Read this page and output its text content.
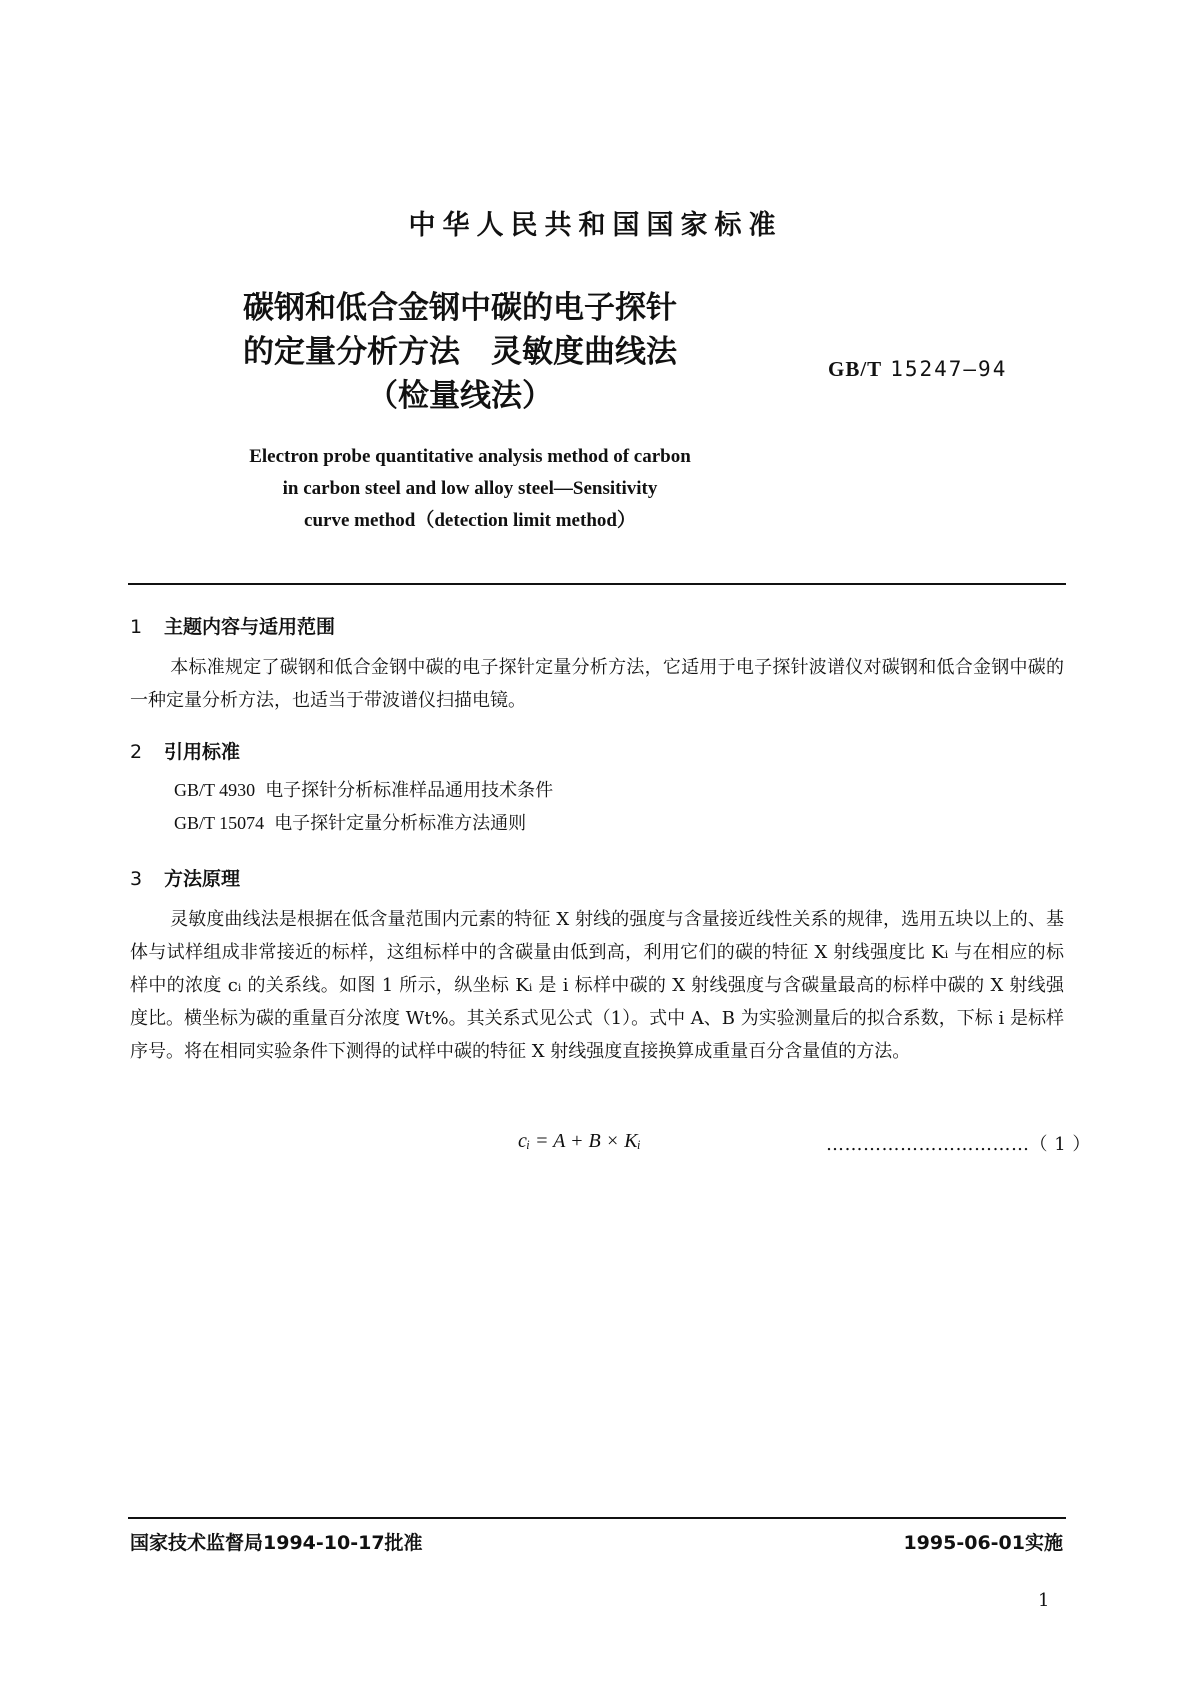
中华人民共和国国家标准
碳钢和低合金钢中碳的电子探针
的定量分析方法　灵敏度曲线法
（检量线法）
GB/T 15247—94
Electron probe quantitative analysis method of carbon
in carbon steel and low alloy steel—Sensitivity
curve method（detection limit method）
1 主题内容与适用范围
本标准规定了碳钢和低合金钢中碳的电子探针定量分析方法，它适用于电子探针波谱仪对碳钢和低合金钢中碳的一种定量分析方法，也适当于带波谱仪扫描电镜。
2 引用标准
GB/T 4930 电子探针分析标准样品通用技术条件
GB/T 15074 电子探针定量分析标准方法通则
3 方法原理
灵敏度曲线法是根据在低含量范围内元素的特征 X 射线的强度与含量接近线性关系的规律，选用五块以上的、基体与试样组成非常接近的标样，这组标样中的含碳量由低到高，利用它们的碳的特征 X 射线强度比 Kᵢ 与在相应的标样中的浓度 cᵢ 的关系线。如图 1 所示，纵坐标 Kᵢ 是 i 标样中碳的 X 射线强度与含碳量最高的标样中碳的 X 射线强度比。横坐标为碳的重量百分浓度 Wt%。其关系式见公式（1）。式中 A、B 为实验测量后的拟合系数，下标 i 是标样序号。将在相同实验条件下测得的试样中碳的特征 X 射线强度直接换算成重量百分含量值的方法。
cᵢ = A + B × Kᵢ	……………………………（ 1 ）
国家技术监督局1994-10-17批准	1995-06-01实施
1
